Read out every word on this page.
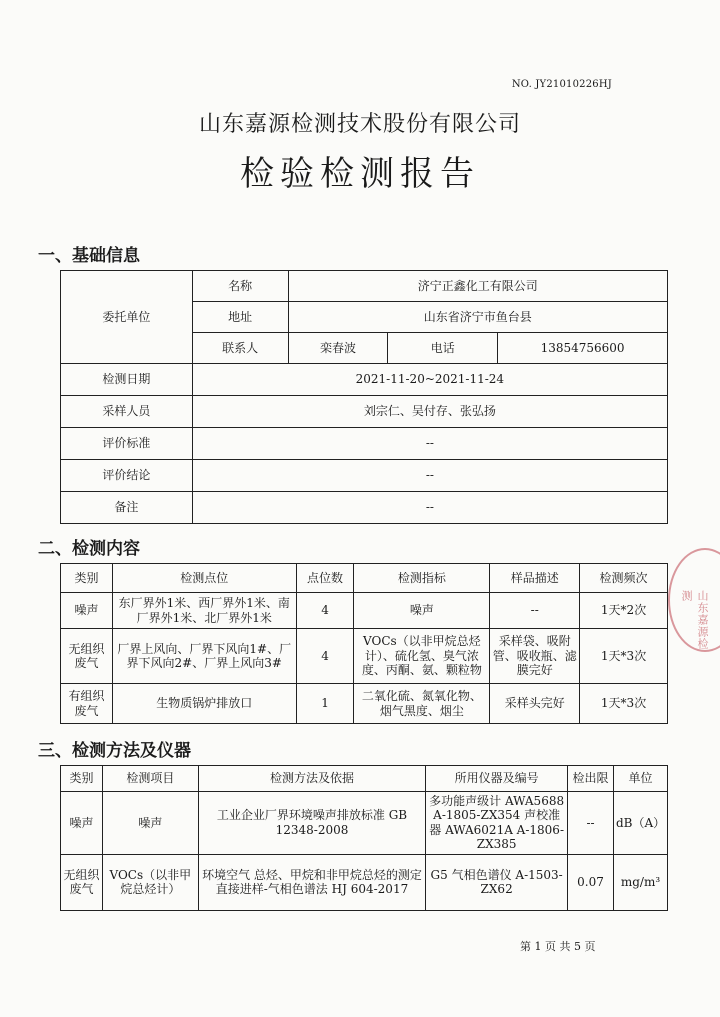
NO. JY21010226HJ
山东嘉源检测技术股份有限公司
检验检测报告
一、基础信息
委托单位	名称	济宁正鑫化工有限公司		
	地址	山东省济宁市鱼台县		
	联系人	栾春波	电话	13854756600
检测日期	2021-11-20~2021-11-24			
采样人员	刘宗仁、吴付存、张弘扬			
评价标准	--			
评价结论	--			
备注	--			
二、检测内容
类别	检测点位	点位数	检测指标	样品描述	检测频次
噪声	东厂界外1米、西厂界外1米、南厂界外1米、北厂界外1米	4	噪声	--	1天*2次
无组织废气	厂界上风向、厂界下风向1#、厂界下风向2#、厂界上风向3#	4	VOCs（以非甲烷总烃计）、硫化氢、臭气浓度、丙酮、氨、颗粒物	采样袋、吸附管、吸收瓶、滤膜完好	1天*3次
有组织废气	生物质锅炉排放口	1	二氧化硫、氮氧化物、烟气黑度、烟尘	采样头完好	1天*3次
三、检测方法及仪器
类别	检测项目	检测方法及依据	所用仪器及编号	检出限	单位
噪声	噪声	工业企业厂界环境噪声排放标准 GB 12348-2008	多功能声级计 AWA5688 A-1805-ZX354 声校准器 AWA6021A A-1806-ZX385	--	dB（A）
无组织废气	VOCs（以非甲烷总烃计）	环境空气 总烃、甲烷和非甲烷总烃的测定 直接进样-气相色谱法 HJ 604-2017	G5 气相色谱仪 A-1503-ZX62	0.07	mg/m³
第 1 页 共 5 页
山东嘉源检测
